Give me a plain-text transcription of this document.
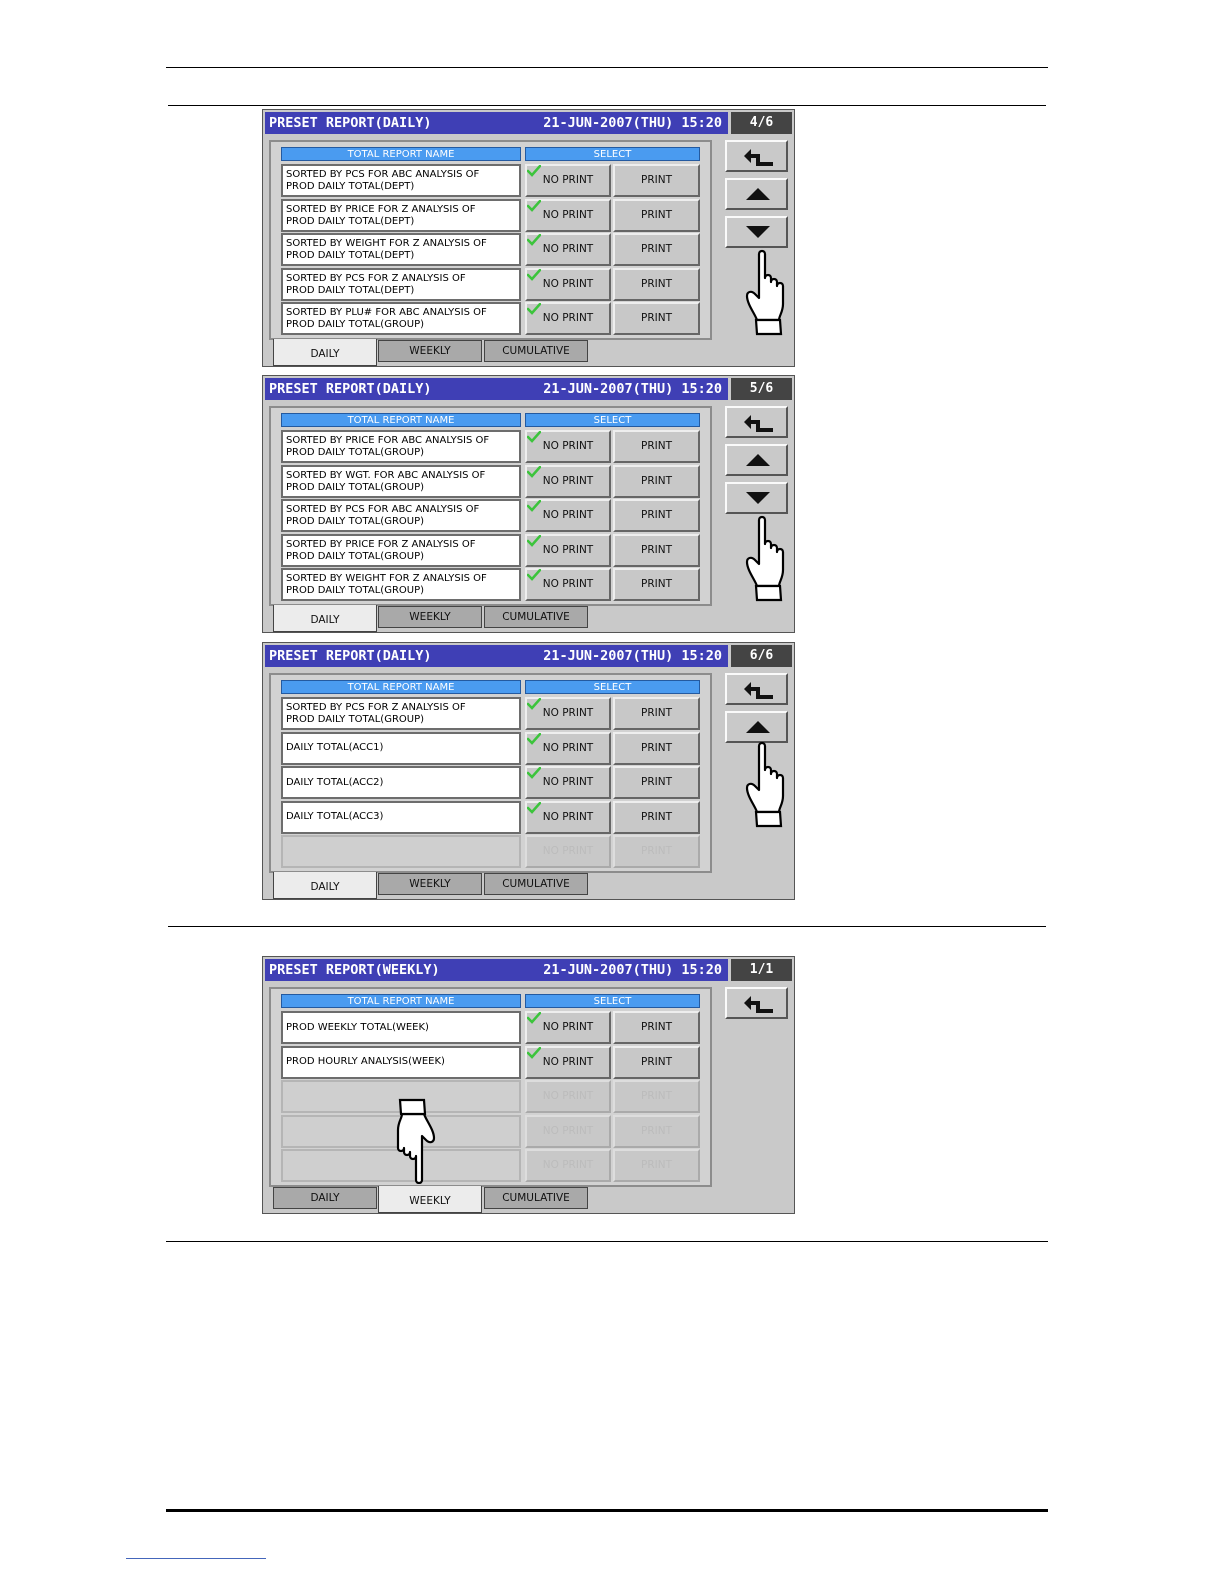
PRESET REPORT(DAILY)	21-JUN-2007(THU) 15:20	4/6
TOTAL REPORT NAME	SELECT
SORTED BY PCS FOR ABC ANALYSIS OF
PROD DAILY TOTAL(DEPT)
NO PRINT	PRINT
SORTED BY PRICE FOR Z ANALYSIS OF
PROD DAILY TOTAL(DEPT)
NO PRINT	PRINT
SORTED BY WEIGHT FOR Z ANALYSIS OF
PROD DAILY TOTAL(DEPT)
NO PRINT	PRINT
SORTED BY PCS FOR Z ANALYSIS OF
PROD DAILY TOTAL(DEPT)
NO PRINT	PRINT
SORTED BY PLU# FOR ABC ANALYSIS OF
PROD DAILY TOTAL(GROUP)
NO PRINT	PRINT
DAILY	WEEKLY	CUMULATIVE
PRESET REPORT(DAILY)	21-JUN-2007(THU) 15:20	5/6
TOTAL REPORT NAME	SELECT
SORTED BY PRICE FOR ABC ANALYSIS OF
PROD DAILY TOTAL(GROUP)
NO PRINT	PRINT
SORTED BY WGT. FOR ABC ANALYSIS OF
PROD DAILY TOTAL(GROUP)
NO PRINT	PRINT
SORTED BY PCS FOR ABC ANALYSIS OF
PROD DAILY TOTAL(GROUP)
NO PRINT	PRINT
SORTED BY PRICE FOR Z ANALYSIS OF
PROD DAILY TOTAL(GROUP)
NO PRINT	PRINT
SORTED BY WEIGHT FOR Z ANALYSIS OF
PROD DAILY TOTAL(GROUP)
NO PRINT	PRINT
DAILY	WEEKLY	CUMULATIVE
PRESET REPORT(DAILY)	21-JUN-2007(THU) 15:20	6/6
TOTAL REPORT NAME	SELECT
SORTED BY PCS FOR Z ANALYSIS OF
PROD DAILY TOTAL(GROUP)
NO PRINT	PRINT
DAILY TOTAL(ACC1)	NO PRINT	PRINT
DAILY TOTAL(ACC2)	NO PRINT	PRINT
DAILY TOTAL(ACC3)	NO PRINT	PRINT
NO PRINT	PRINT
DAILY	WEEKLY	CUMULATIVE
PRESET REPORT(WEEKLY)	21-JUN-2007(THU) 15:20	1/1
TOTAL REPORT NAME	SELECT
PROD WEEKLY TOTAL(WEEK)	NO PRINT	PRINT
PROD HOURLY ANALYSIS(WEEK)	NO PRINT	PRINT
NO PRINT	PRINT
NO PRINT	PRINT
NO PRINT	PRINT
DAILY	WEEKLY	CUMULATIVE
